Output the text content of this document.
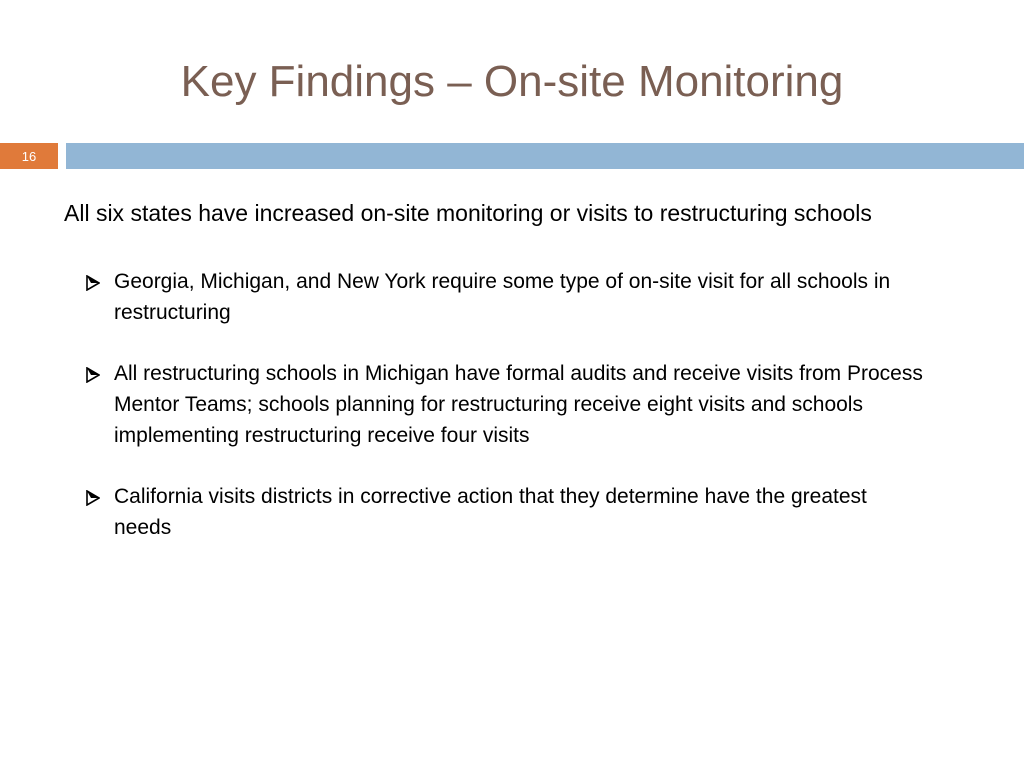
Key Findings – On-site Monitoring
16

All six states have increased on-site monitoring or visits to restructuring schools

Georgia, Michigan, and New York require some type of on-site visit for all schools in restructuring
All restructuring schools in Michigan have formal audits and receive visits from Process Mentor Teams; schools planning for restructuring receive eight visits and schools implementing restructuring receive four visits
California visits districts in corrective action that they determine have the greatest needs
